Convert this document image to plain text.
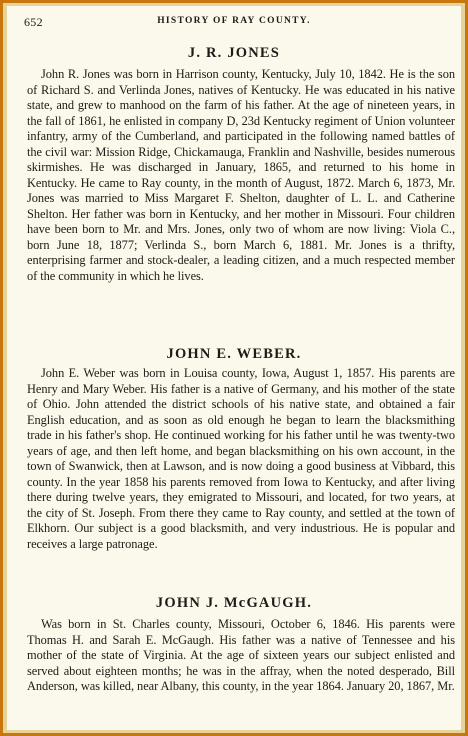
652	HISTORY OF RAY COUNTY.
J. R. JONES

John R. Jones was born in Harrison county, Kentucky, July 10, 1842. He is the son of Richard S. and Verlinda Jones, natives of Kentucky. He was educated in his native state, and grew to manhood on the farm of his father. At the age of nineteen years, in the fall of 1861, he enlisted in company D, 23d Kentucky regiment of Union volunteer infantry, army of the Cumberland, and participated in the following named battles of the civil war: Mission Ridge, Chickamauga, Franklin and Nashville, besides numerous skirmishes. He was discharged in January, 1865, and returned to his home in Kentucky. He came to Ray county, in the month of August, 1872. March 6, 1873, Mr. Jones was married to Miss Margaret F. Shelton, daughter of L. L. and Catherine Shelton. Her father was born in Kentucky, and her mother in Missouri. Four children have been born to Mr. and Mrs. Jones, only two of whom are now living: Viola C., born June 18, 1877; Verlinda S., born March 6, 1881. Mr. Jones is a thrifty, enterprising farmer and stock-dealer, a leading citizen, and a much respected member of the community in which he lives.

JOHN E. WEBER.

John E. Weber was born in Louisa county, Iowa, August 1, 1857. His parents are Henry and Mary Weber. His father is a native of Germany, and his mother of the state of Ohio. John attended the district schools of his native state, and obtained a fair English education, and as soon as old enough he began to learn the blacksmithing trade in his father's shop. He continued working for his father until he was twenty-two years of age, and then left home, and began blacksmithing on his own account, in the town of Swanwick, then at Lawson, and is now doing a good business at Vibbard, this county. In the year 1858 his parents removed from Iowa to Kentucky, and after living there during twelve years, they emigrated to Missouri, and located, for two years, at the city of St. Joseph. From there they came to Ray county, and settled at the town of Elkhorn. Our subject is a good blacksmith, and very industrious. He is popular and receives a large patronage.

JOHN J. McGAUGH.

Was born in St. Charles county, Missouri, October 6, 1846. His parents were Thomas H. and Sarah E. McGaugh. His father was a native of Tennessee and his mother of the state of Virginia. At the age of sixteen years our subject enlisted and served about eighteen months; he was in the affray, when the noted desperado, Bill Anderson, was killed, near Albany, this county, in the year 1864. January 20, 1867, Mr.
